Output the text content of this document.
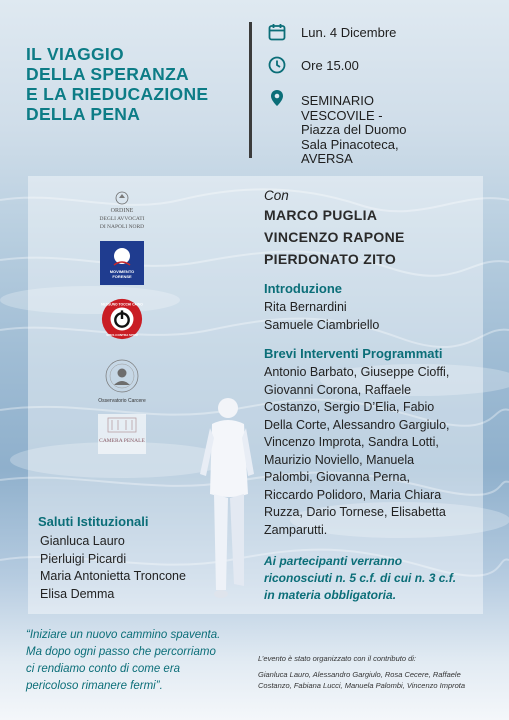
IL VIAGGIO
DELLA SPERANZA
E LA RIEDUCAZIONE
DELLA PENA
Lun. 4 Dicembre
Ore 15.00
SEMINARIO
VESCOVILE -
Piazza del Duomo
Sala Pinacoteca,
AVERSA
ORDINE
DEGLI AVVOCATI
DI NAPOLI NORD
MOVIMENTO
FORENSE
NESSUNO TOCCHI CAINO
SPES CONTRA SPEM
Osservatorio Carcere
CAMERA PENALE
Con
MARCO PUGLIA
VINCENZO RAPONE
PIERDONATO ZITO
Introduzione
Rita Bernardini
Samuele Ciambriello
Brevi Interventi Programmati
Antonio Barbato, Giuseppe Cioffi,
Giovanni Corona, Raffaele
Costanzo, Sergio D’Elia, Fabio
Della Corte, Alessandro Gargiulo,
Vincenzo Improta, Sandra Lotti,
Maurizio Noviello, Manuela
Palombi, Giovanna Perna,
Riccardo Polidoro, Maria Chiara
Ruzza, Dario Tornese, Elisabetta
Zamparutti.
Ai partecipanti verranno
riconosciuti n. 5 c.f. di cui n. 3 c.f.
in materia obbligatoria.
Saluti Istituzionali
Gianluca Lauro
Pierluigi Picardi
Maria Antonietta Troncone
Elisa Demma
“Iniziare un nuovo cammino spaventa.
Ma dopo ogni passo che percorriamo
ci rendiamo conto di come era
pericoloso rimanere fermi”.
L’evento è stato organizzato con il contributo di:
Gianluca Lauro, Alessandro Gargiulo, Rosa Cecere, Raffaele
Costanzo, Fabiana Lucci, Manuela Palombi, Vincenzo Improta
